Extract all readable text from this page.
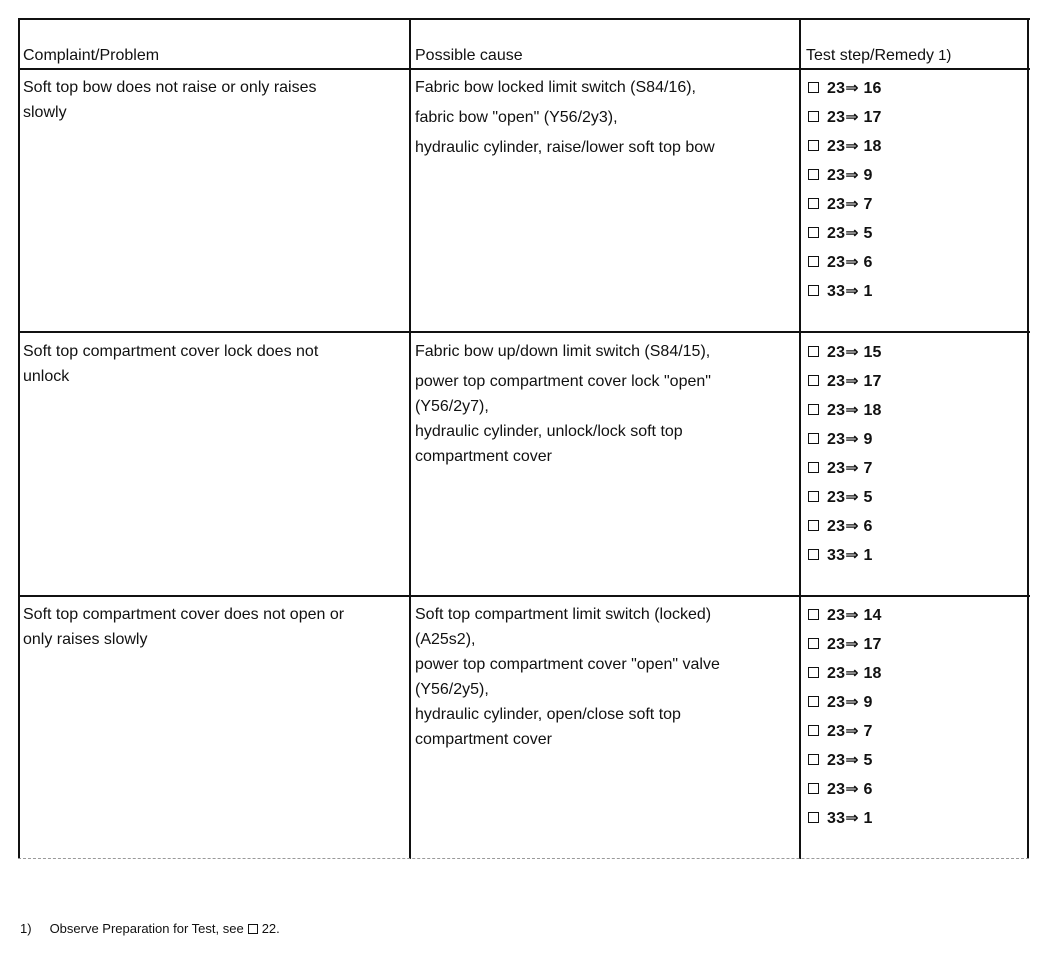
Complaint/Problem	Possible cause	Test step/Remedy 1)
Soft top bow does not raise or only raises
slowly
Fabric bow locked limit switch (S84/16),
fabric bow "open" (Y56/2y3),
hydraulic cylinder, raise/lower soft top bow
23⇒ 16
23⇒ 17
23⇒ 18
23⇒ 9
23⇒ 7
23⇒ 5
23⇒ 6
33⇒ 1
Soft top compartment cover lock does not
unlock
Fabric bow up/down limit switch (S84/15),
power top compartment cover lock "open"
(Y56/2y7),
hydraulic cylinder, unlock/lock soft top
compartment cover
23⇒ 15
23⇒ 17
23⇒ 18
23⇒ 9
23⇒ 7
23⇒ 5
23⇒ 6
33⇒ 1
Soft top compartment cover does not open or
only raises slowly
Soft top compartment limit switch (locked)
(A25s2),
power top compartment cover "open" valve
(Y56/2y5),
hydraulic cylinder, open/close soft top
compartment cover
23⇒ 14
23⇒ 17
23⇒ 18
23⇒ 9
23⇒ 7
23⇒ 5
23⇒ 6
33⇒ 1
1) Observe Preparation for Test, see 22.
